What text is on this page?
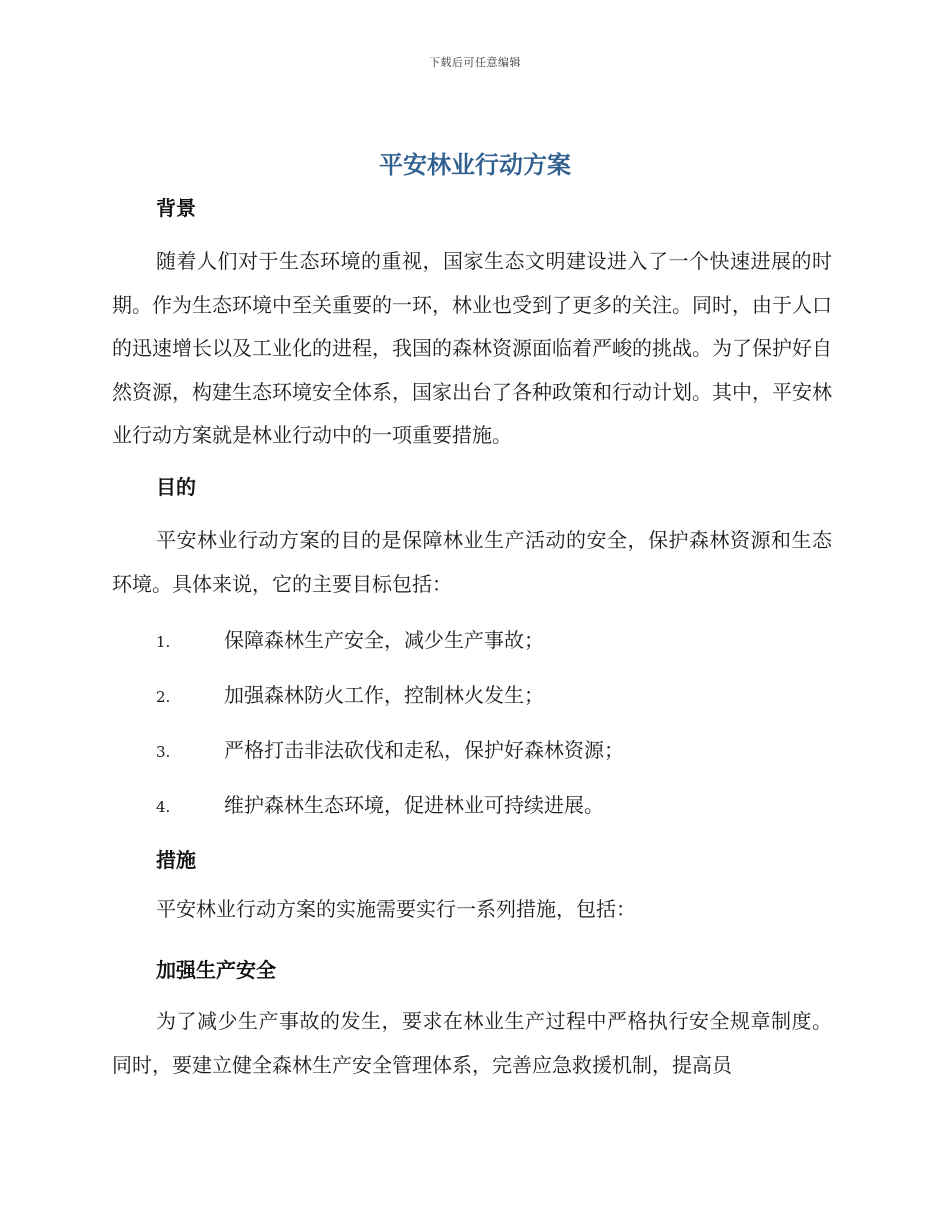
下载后可任意编辑
平安林业行动方案
背景
随着人们对于生态环境的重视，国家生态文明建设进入了一个快速进展的时期。作为生态环境中至关重要的一环，林业也受到了更多的关注。同时，由于人口的迅速增长以及工业化的进程，我国的森林资源面临着严峻的挑战。为了保护好自然资源，构建生态环境安全体系，国家出台了各种政策和行动计划。其中，平安林业行动方案就是林业行动中的一项重要措施。
目的
平安林业行动方案的目的是保障林业生产活动的安全，保护森林资源和生态环境。具体来说，它的主要目标包括：
1.	保障森林生产安全，减少生产事故；
2.	加强森林防火工作，控制林火发生；
3.	严格打击非法砍伐和走私，保护好森林资源；
4.	维护森林生态环境，促进林业可持续进展。
措施
平安林业行动方案的实施需要实行一系列措施，包括：
加强生产安全
为了减少生产事故的发生，要求在林业生产过程中严格执行安全规章制度。同时，要建立健全森林生产安全管理体系，完善应急救援机制，提高员
